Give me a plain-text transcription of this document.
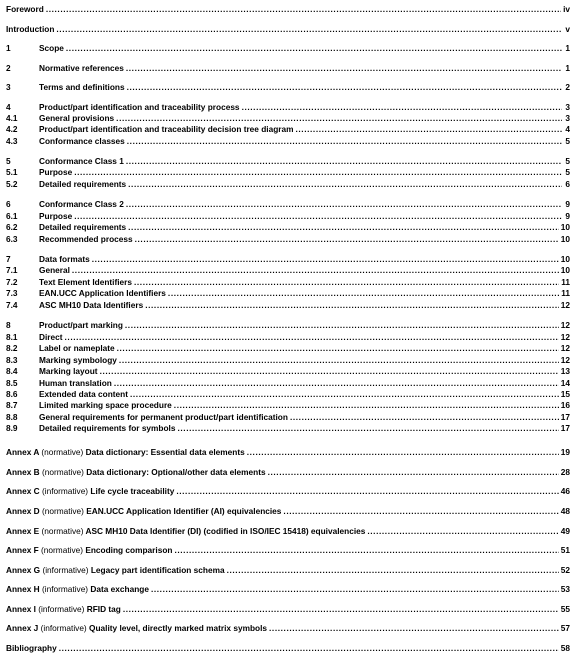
Foreword .....	iv
Introduction .....	v
1	Scope .....	1
2	Normative references .....	1
3	Terms and definitions .....	2
4	Product/part identification and traceability process .....	3
4.1	General provisions .....	3
4.2	Product/part identification and traceability decision tree diagram .....	4
4.3	Conformance classes .....	5
5	Conformance Class 1 .....	5
5.1	Purpose .....	5
5.2	Detailed requirements .....	6
6	Conformance Class 2 .....	9
6.1	Purpose .....	9
6.2	Detailed requirements .....	10
6.3	Recommended process .....	10
7	Data formats .....	10
7.1	General .....	10
7.2	Text Element Identifiers .....	11
7.3	EAN.UCC Application Identifiers .....	11
7.4	ASC MH10 Data Identifiers .....	12
8	Product/part marking .....	12
8.1	Direct .....	12
8.2	Label or nameplate .....	12
8.3	Marking symbology .....	12
8.4	Marking layout .....	13
8.5	Human translation .....	14
8.6	Extended data content .....	15
8.7	Limited marking space procedure .....	16
8.8	General requirements for permanent product/part identification .....	17
8.9	Detailed requirements for symbols .....	17
Annex A (normative) Data dictionary: Essential data elements .....	19
Annex B (normative) Data dictionary: Optional/other data elements .....	28
Annex C (informative) Life cycle traceability .....	46
Annex D (normative) EAN.UCC Application Identifier (AI) equivalencies .....	48
Annex E (normative) ASC MH10 Data Identifier (DI) (codified in ISO/IEC 15418) equivalencies .....	49
Annex F (normative) Encoding comparison .....	51
Annex G (informative) Legacy part identification schema .....	52
Annex H (informative) Data exchange .....	53
Annex I (informative) RFID tag .....	55
Annex J (informative) Quality level, directly marked matrix symbols .....	57
Bibliography .....	58
